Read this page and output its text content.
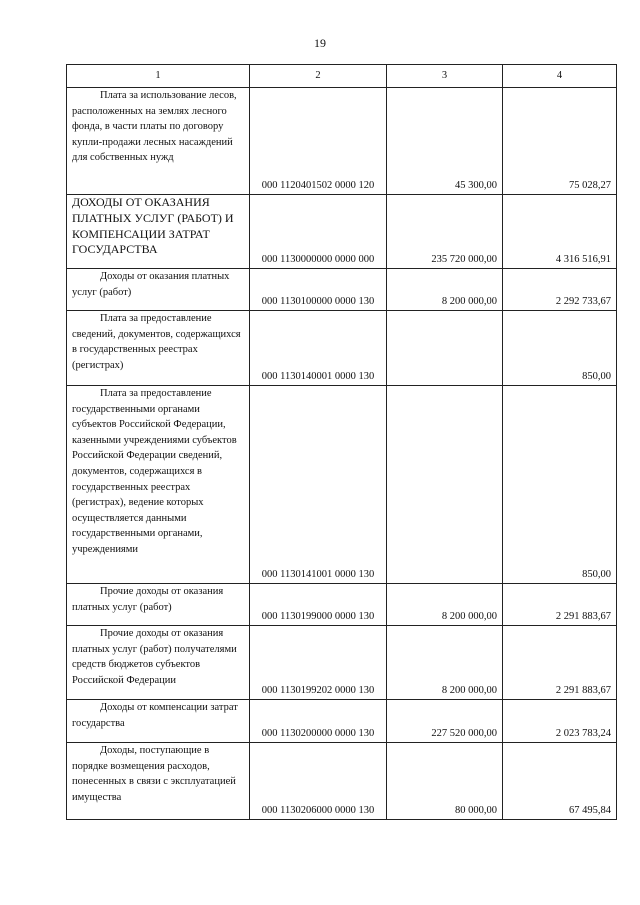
19
1	2	3	4

Плата за использование лесов, расположенных на землях лесного фонда, в части платы по договору купли-продажи лесных насаждений для собственных нужд	000 1120401502 0000 120	45 300,00	75 028,27

ДОХОДЫ ОТ ОКАЗАНИЯ ПЛАТНЫХ УСЛУГ (РАБОТ) И КОМПЕНСАЦИИ ЗАТРАТ ГОСУДАРСТВА	000 1130000000 0000 000	235 720 000,00	4 316 516,91

Доходы от оказания платных услуг (работ)	000 1130100000 0000 130	8 200 000,00	2 292 733,67

Плата за предоставление сведений, документов, содержащихся в государственных реестрах (регистрах)	000 1130140001 0000 130		850,00

Плата за предоставление государственными органами субъектов Российской Федерации, казенными учреждениями субъектов Российской Федерации сведений, документов, содержащихся в государственных реестрах (регистрах), ведение которых осуществляется данными государственными органами, учреждениями	000 1130141001 0000 130		850,00

Прочие доходы от оказания платных услуг (работ)	000 1130199000 0000 130	8 200 000,00	2 291 883,67

Прочие доходы от оказания платных услуг (работ) получателями средств бюджетов субъектов Российской Федерации	000 1130199202 0000 130	8 200 000,00	2 291 883,67

Доходы от компенсации затрат государства	000 1130200000 0000 130	227 520 000,00	2 023 783,24

Доходы, поступающие в порядке возмещения расходов, понесенных в связи с эксплуатацией имущества	000 1130206000 0000 130	80 000,00	67 495,84
